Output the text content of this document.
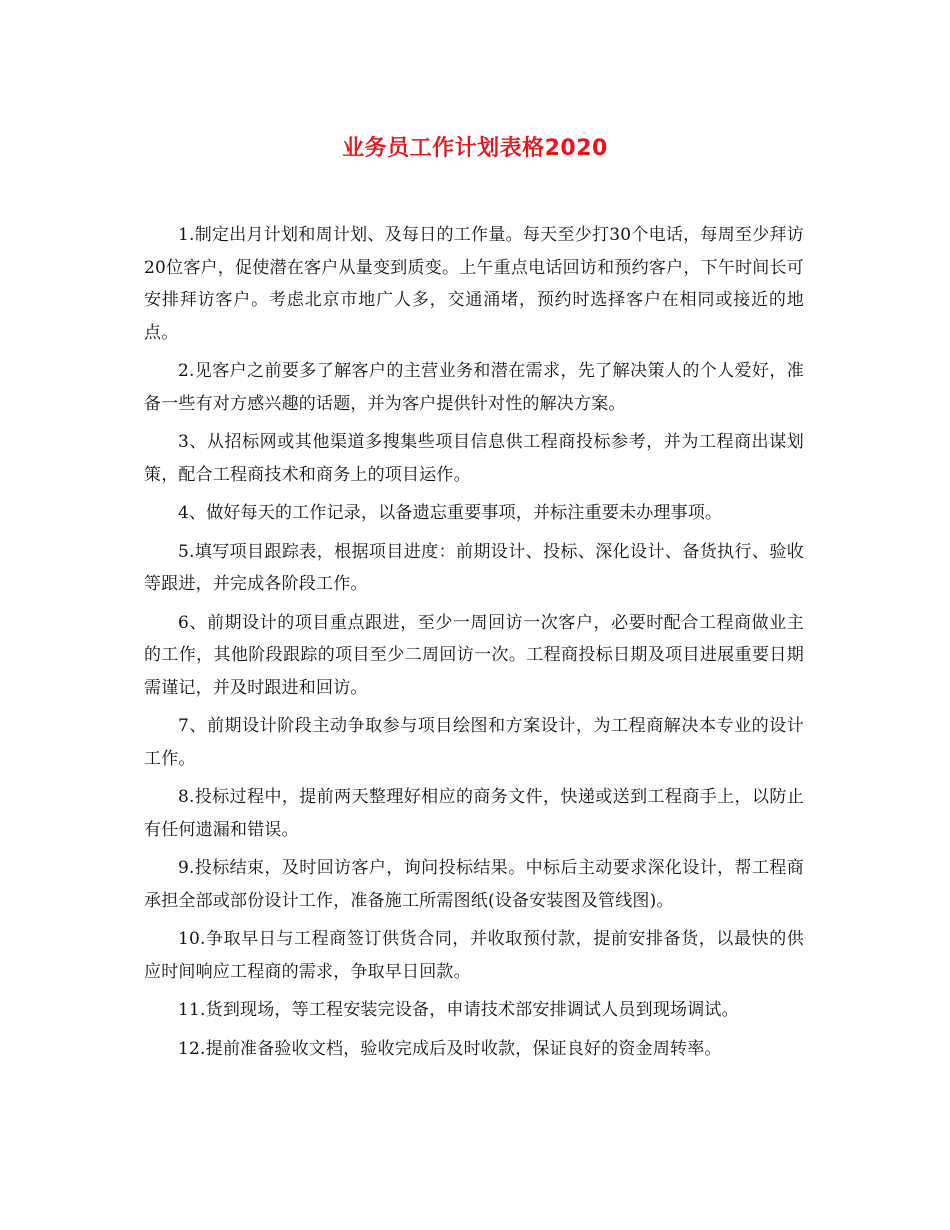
业务员工作计划表格2020

1.制定出月计划和周计划、及每日的工作量。每天至少打30个电话，每周至少拜访20位客户，促使潜在客户从量变到质变。上午重点电话回访和预约客户，下午时间长可安排拜访客户。考虑北京市地广人多，交通涌堵，预约时选择客户在相同或接近的地点。

2.见客户之前要多了解客户的主营业务和潜在需求，先了解决策人的个人爱好，准备一些有对方感兴趣的话题，并为客户提供针对性的解决方案。

3、从招标网或其他渠道多搜集些项目信息供工程商投标参考，并为工程商出谋划策，配合工程商技术和商务上的项目运作。

4、做好每天的工作记录，以备遗忘重要事项，并标注重要未办理事项。

5.填写项目跟踪表，根据项目进度：前期设计、投标、深化设计、备货执行、验收等跟进，并完成各阶段工作。

6、前期设计的项目重点跟进，至少一周回访一次客户，必要时配合工程商做业主的工作，其他阶段跟踪的项目至少二周回访一次。工程商投标日期及项目进展重要日期需谨记，并及时跟进和回访。

7、前期设计阶段主动争取参与项目绘图和方案设计，为工程商解决本专业的设计工作。

8.投标过程中，提前两天整理好相应的商务文件，快递或送到工程商手上，以防止有任何遗漏和错误。

9.投标结束，及时回访客户，询问投标结果。中标后主动要求深化设计，帮工程商承担全部或部份设计工作，准备施工所需图纸(设备安装图及管线图)。

10.争取早日与工程商签订供货合同，并收取预付款，提前安排备货，以最快的供应时间响应工程商的需求，争取早日回款。

11.货到现场，等工程安装完设备，申请技术部安排调试人员到现场调试。

12.提前准备验收文档，验收完成后及时收款，保证良好的资金周转率。
